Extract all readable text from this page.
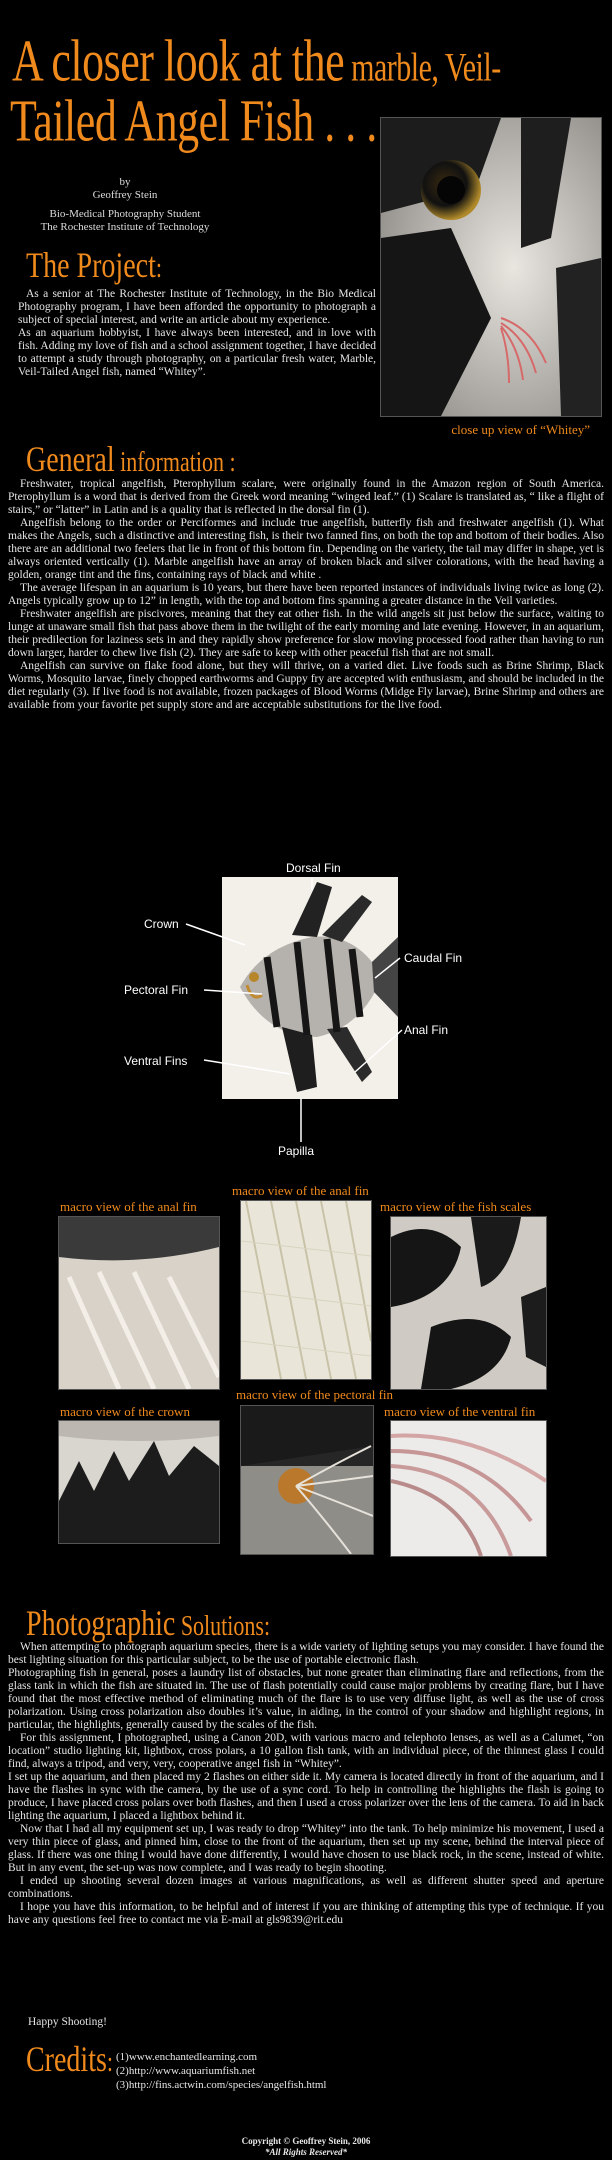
A closer look at the marble, Veil-
Tailed Angel Fish . . .
by
Geoffrey Stein
Bio-Medical Photography Student
The Rochester Institute of Technology
close up view of “Whitey”
The Project:

As a senior at The Rochester Institute of Technology, in the Bio Medical Photography program, I have been afforded the opportunity to photograph a subject of special interest, and write an article about my experience.

As an aquarium hobbyist, I have always been interested, and in love with fish. Adding my love of fish and a school assignment together, I have decided to attempt a study through photography, on a particular fresh water, Marble, Veil-Tailed Angel fish, named “Whitey”.

General information :

Freshwater, tropical angelfish, Pterophyllum scalare, were originally found in the Amazon region of South America. Pterophyllum is a word that is derived from the Greek word meaning “winged leaf.” (1) Scalare is translated as, “ like a flight of stairs,” or “latter” in Latin and is a quality that is reflected in the dorsal fin (1).

Angelfish belong to the order or Perciformes and include true angelfish, butterfly fish and freshwater angelfish (1). What makes the Angels, such a distinctive and interesting fish, is their two fanned fins, on both the top and bottom of their bodies. Also there are an additional two feelers that lie in front of this bottom fin. Depending on the variety, the tail may differ in shape, yet is always oriented vertically (1). Marble angelfish have an array of broken black and silver colorations, with the head having a golden, orange tint and the fins, containing rays of black and white .

The average lifespan in an aquarium is 10 years, but there have been reported instances of individuals living twice as long (2). Angels typically grow up to 12” in length, with the top and bottom fins spanning a greater distance in the Veil varieties.

Freshwater angelfish are piscivores, meaning that they eat other fish. In the wild angels sit just below the surface, waiting to lunge at unaware small fish that pass above them in the twilight of the early morning and late evening. However, in an aquarium, their predilection for laziness sets in and they rapidly show preference for slow moving processed food rather than having to run down larger, harder to chew live fish (2). They are safe to keep with other peaceful fish that are not small.

Angelfish can survive on flake food alone, but they will thrive, on a varied diet. Live foods such as Brine Shrimp, Black Worms, Mosquito larvae, finely chopped earthworms and Guppy fry are accepted with enthusiasm, and should be included in the diet regularly (3). If live food is not available, frozen packages of Blood Worms (Midge Fly larvae), Brine Shrimp and others are available from your favorite pet supply store and are acceptable substitutions for the live food.

Dorsal Fin
Crown
Caudal Fin
Pectoral Fin
Anal Fin
Ventral Fins
Papilla
macro view of the anal fin
macro view of the anal fin	macro view of the fish scales
macro view of the pectoral fin
macro view of the crown	macro view of the ventral fin
Photographic Solutions:

When attempting to photograph aquarium species, there is a wide variety of lighting setups you may consider. I have found the best lighting situation for this particular subject, to be the use of portable electronic flash.

Photographing fish in general, poses a laundry list of obstacles, but none greater than eliminating flare and reflections, from the glass tank in which the fish are situated in. The use of flash potentially could cause major problems by creating flare, but I have found that the most effective method of eliminating much of the flare is to use very diffuse light, as well as the use of cross polarization. Using cross polarization also doubles it’s value, in aiding, in the control of your shadow and highlight regions, in particular, the highlights, generally caused by the scales of the fish.

For this assignment, I photographed, using a Canon 20D, with various macro and telephoto lenses, as well as a Calumet, “on location” studio lighting kit, lightbox, cross polars, a 10 gallon fish tank, with an individual piece, of the thinnest glass I could find, always a tripod, and very, very, cooperative angel fish in “Whitey”.

I set up the aquarium, and then placed my 2 flashes on either side it. My camera is located directly in front of the aquarium, and I have the flashes in sync with the camera, by the use of a sync cord. To help in controlling the highlights the flash is going to produce, I have placed cross polars over both flashes, and then I used a cross polarizer over the lens of the camera. To aid in back lighting the aquarium, I placed a lightbox behind it.

Now that I had all my equipment set up, I was ready to drop “Whitey” into the tank. To help minimize his movement, I used a very thin piece of glass, and pinned him, close to the front of the aquarium, then set up my scene, behind the interval piece of glass. If there was one thing I would have done differently, I would have chosen to use black rock, in the scene, instead of white. But in any event, the set-up was now complete, and I was ready to begin shooting.

I ended up shooting several dozen images at various magnifications, as well as different shutter speed and aperture combinations.

I hope you have this information, to be helpful and of interest if you are thinking of attempting this type of technique. If you have any questions feel free to contact me via E-mail at gls9839@rit.edu

Happy Shooting!
Credits: (1)www.enchantedlearning.com
(2)http://www.aquariumfish.net
(3)http://fins.actwin.com/species/angelfish.html
Copyright © Geoffrey Stein, 2006
*All Rights Reserved*
